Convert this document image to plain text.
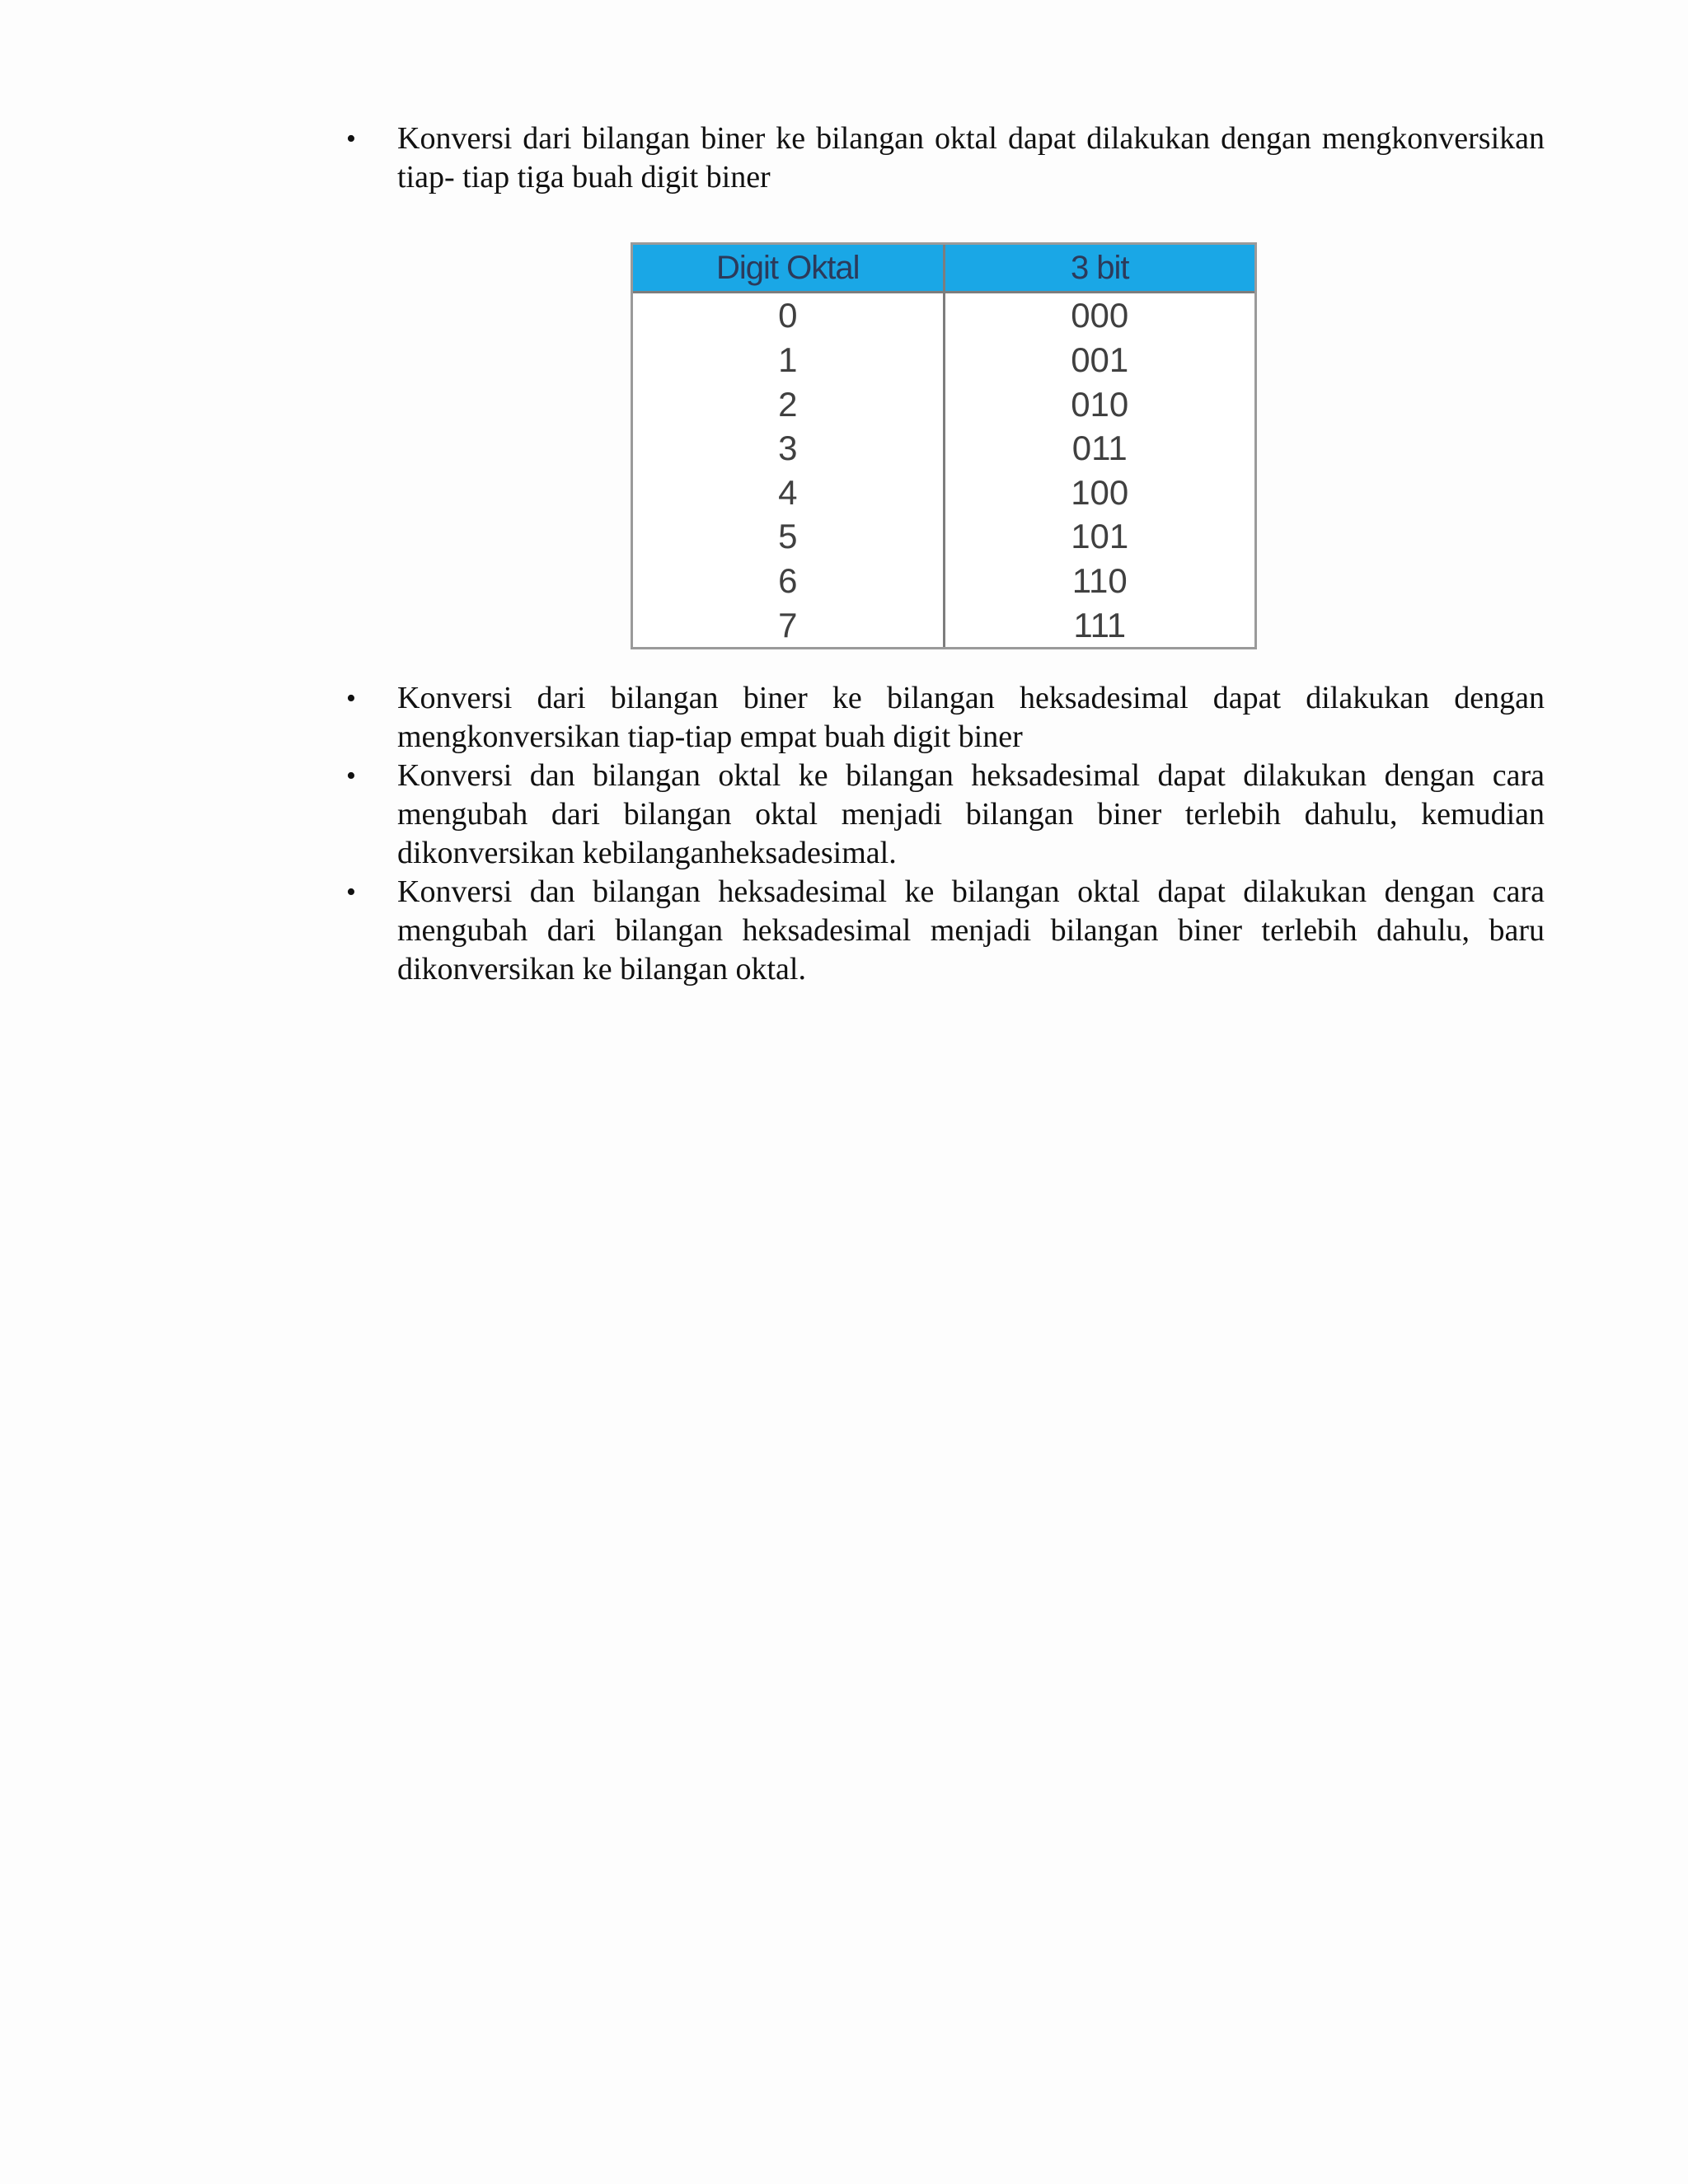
•	Konversi dari bilangan biner ke bilangan oktal dapat dilakukan dengan mengkonversikan tiap- tiap tiga buah digit biner
Digit Oktal	3 bit
0	000
1	001
2	010
3	011
4	100
5	101
6	110
7	111
•	Konversi dari bilangan biner ke bilangan heksadesimal dapat dilakukan dengan mengkonversikan tiap-tiap empat buah digit biner
•	Konversi dan bilangan oktal ke bilangan heksadesimal dapat dilakukan dengan cara mengubah dari bilangan oktal menjadi bilangan biner terlebih dahulu, kemudian dikonversikan kebilanganheksadesimal.
•	Konversi dan bilangan heksadesimal ke bilangan oktal dapat dilakukan dengan cara mengubah dari bilangan heksadesimal menjadi bilangan biner terlebih dahulu, baru dikonversikan ke bilangan oktal.
